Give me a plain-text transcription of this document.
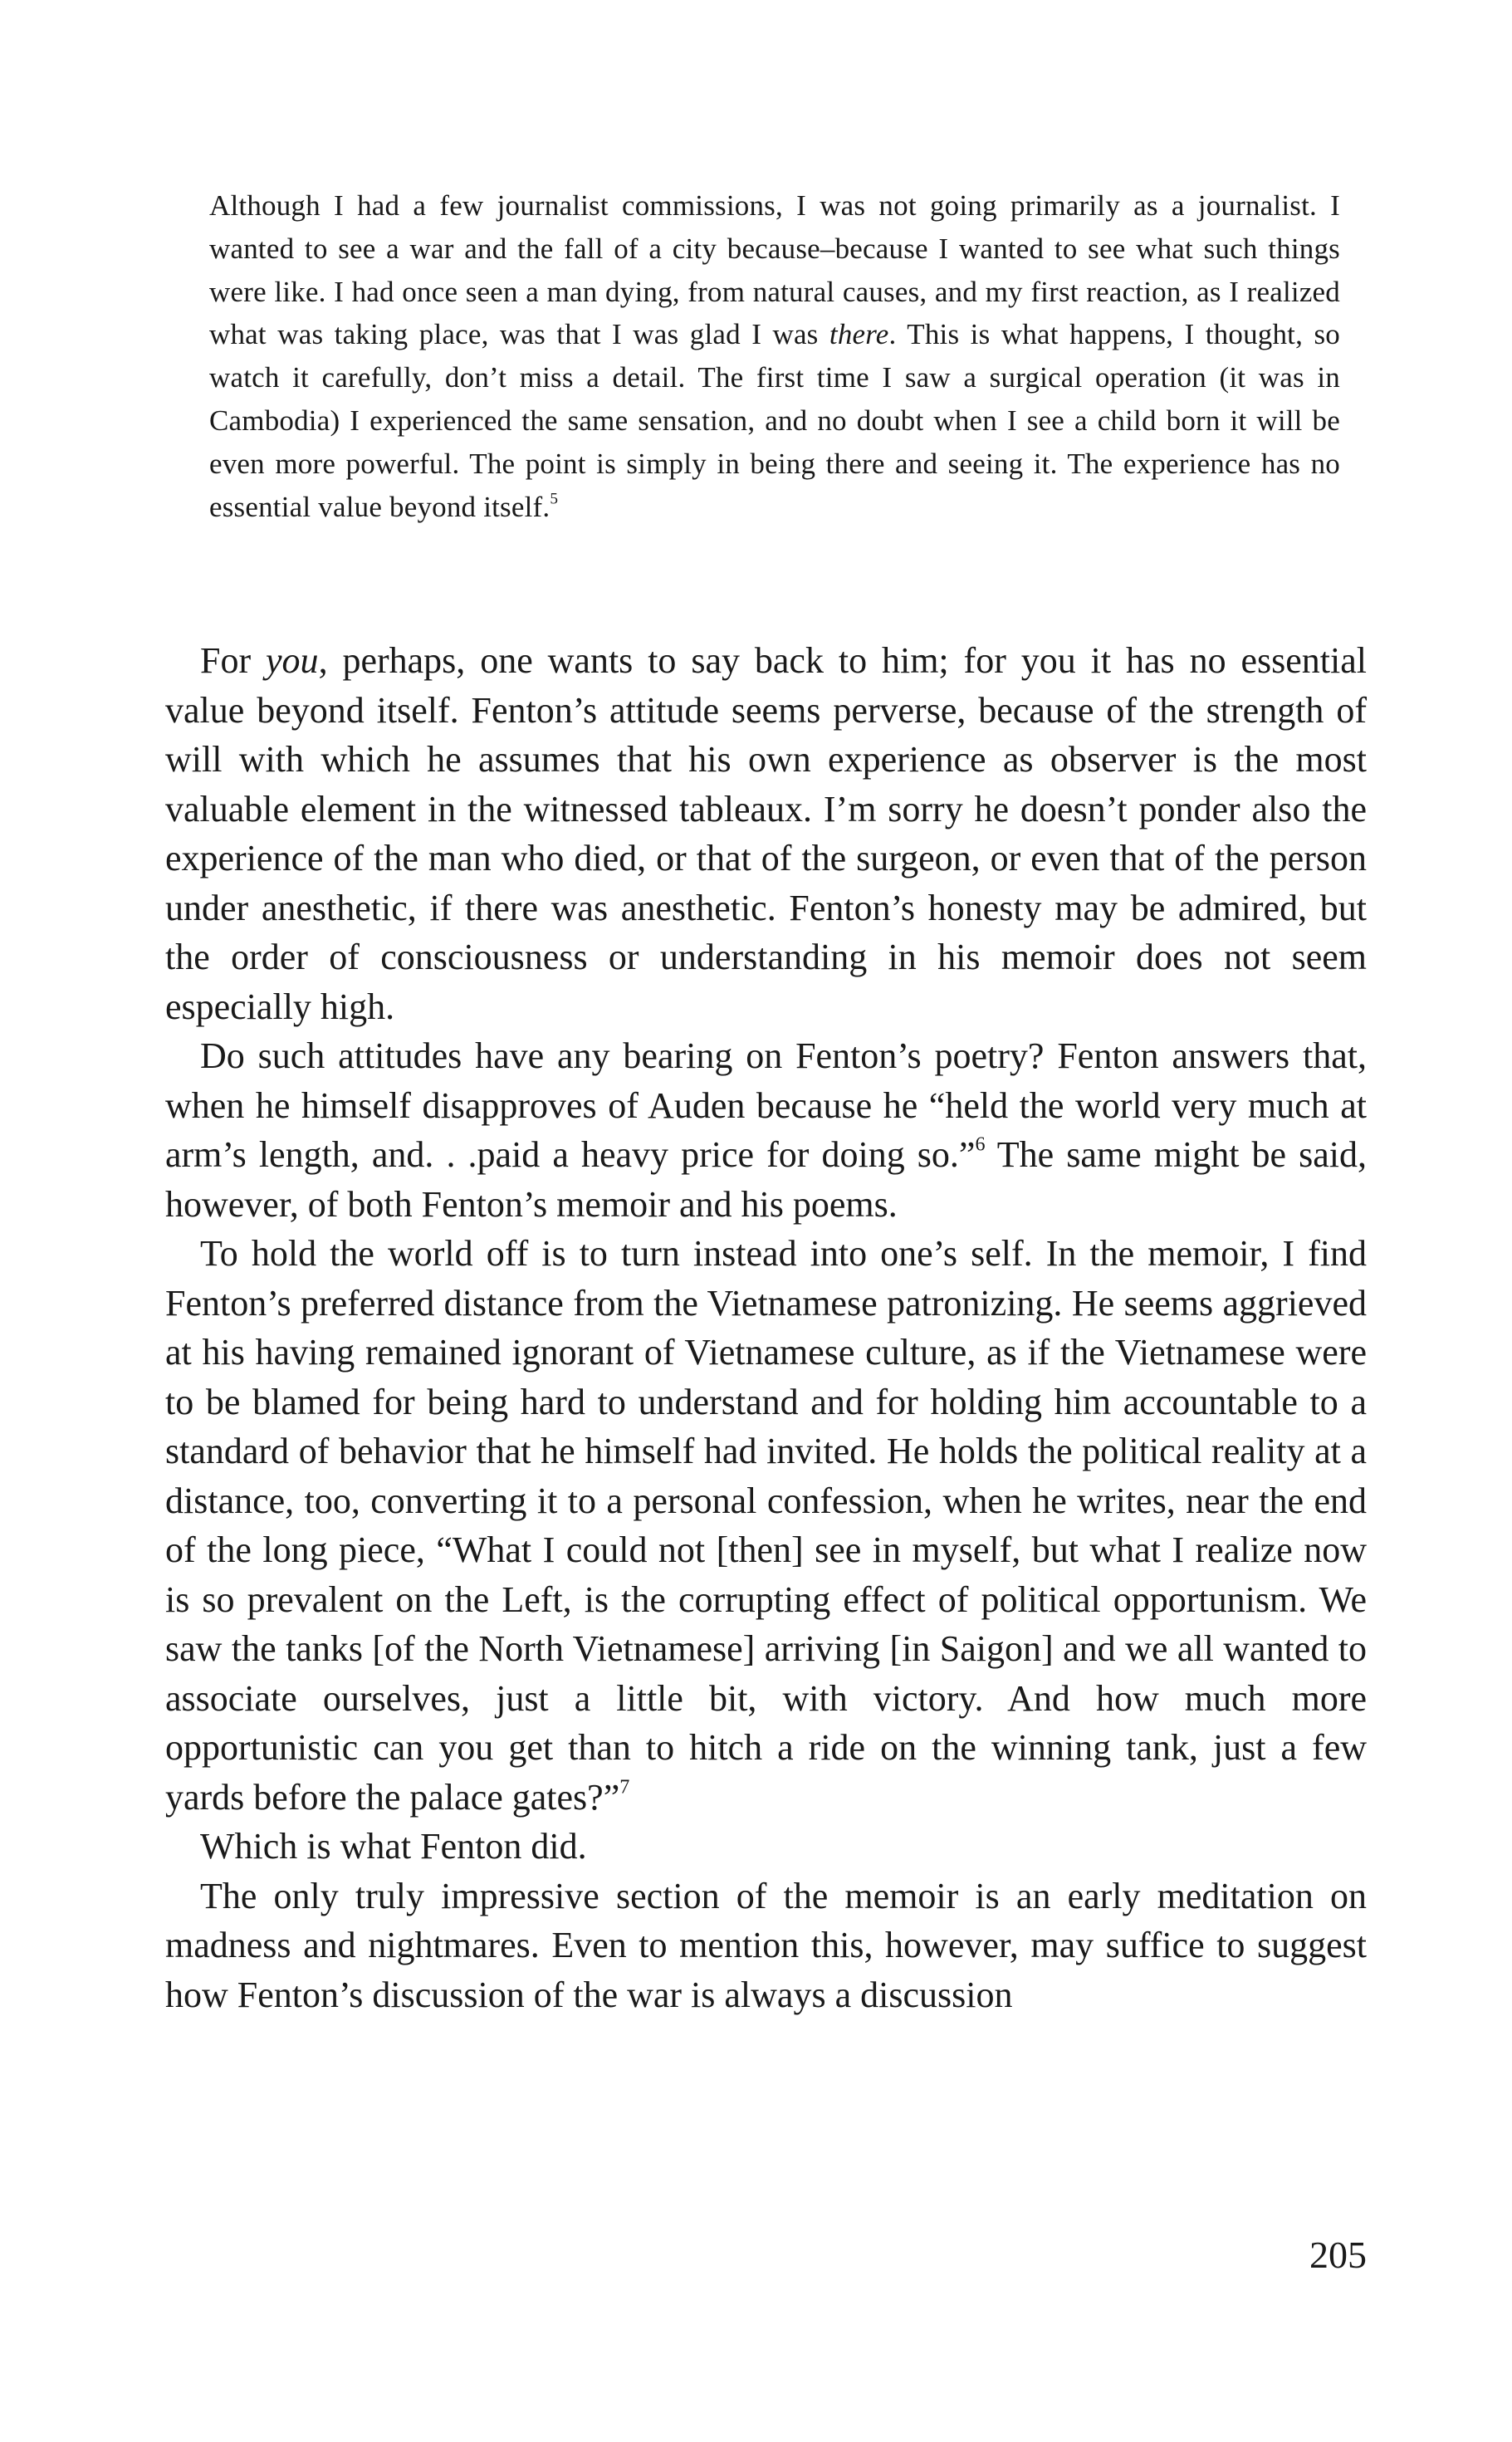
Although I had a few journalist commissions, I was not going primarily as a journalist. I wanted to see a war and the fall of a city because–because I wanted to see what such things were like. I had once seen a man dying, from natural causes, and my first reaction, as I realized what was taking place, was that I was glad I was there. This is what happens, I thought, so watch it carefully, don’t miss a detail. The first time I saw a surgical operation (it was in Cambodia) I experienced the same sensation, and no doubt when I see a child born it will be even more powerful. The point is simply in being there and seeing it. The experience has no essential value beyond itself.$^5$

For you, perhaps, one wants to say back to him; for you it has no essential value beyond itself. Fenton’s attitude seems perverse, because of the strength of will with which he assumes that his own experience as observer is the most valuable element in the witnessed tableaux. I’m sorry he doesn’t ponder also the experience of the man who died, or that of the surgeon, or even that of the person under anesthetic, if there was anesthetic. Fenton’s honesty may be admired, but the order of consciousness or understanding in his memoir does not seem especially high.

Do such attitudes have any bearing on Fenton’s poetry? Fenton answers that, when he himself disapproves of Auden because he “held the world very much at arm’s length, and. . .paid a heavy price for doing so.”$^6$ The same might be said, however, of both Fenton’s memoir and his poems.

To hold the world off is to turn instead into one’s self. In the memoir, I find Fenton’s preferred distance from the Vietnamese patronizing. He seems aggrieved at his having remained ignorant of Vietnamese culture, as if the Vietnamese were to be blamed for being hard to understand and for holding him accountable to a standard of behavior that he himself had invited. He holds the political reality at a distance, too, converting it to a personal confession, when he writes, near the end of the long piece, “What I could not [then] see in myself, but what I realize now is so prevalent on the Left, is the corrupting effect of political opportunism. We saw the tanks [of the North Vietnamese] arriving [in Saigon] and we all wanted to associate ourselves, just a little bit, with victory. And how much more opportunistic can you get than to hitch a ride on the winning tank, just a few yards before the palace gates?”$^7$

Which is what Fenton did.

The only truly impressive section of the memoir is an early meditation on madness and nightmares. Even to mention this, however, may suffice to suggest how Fenton’s discussion of the war is always a discussion

205
